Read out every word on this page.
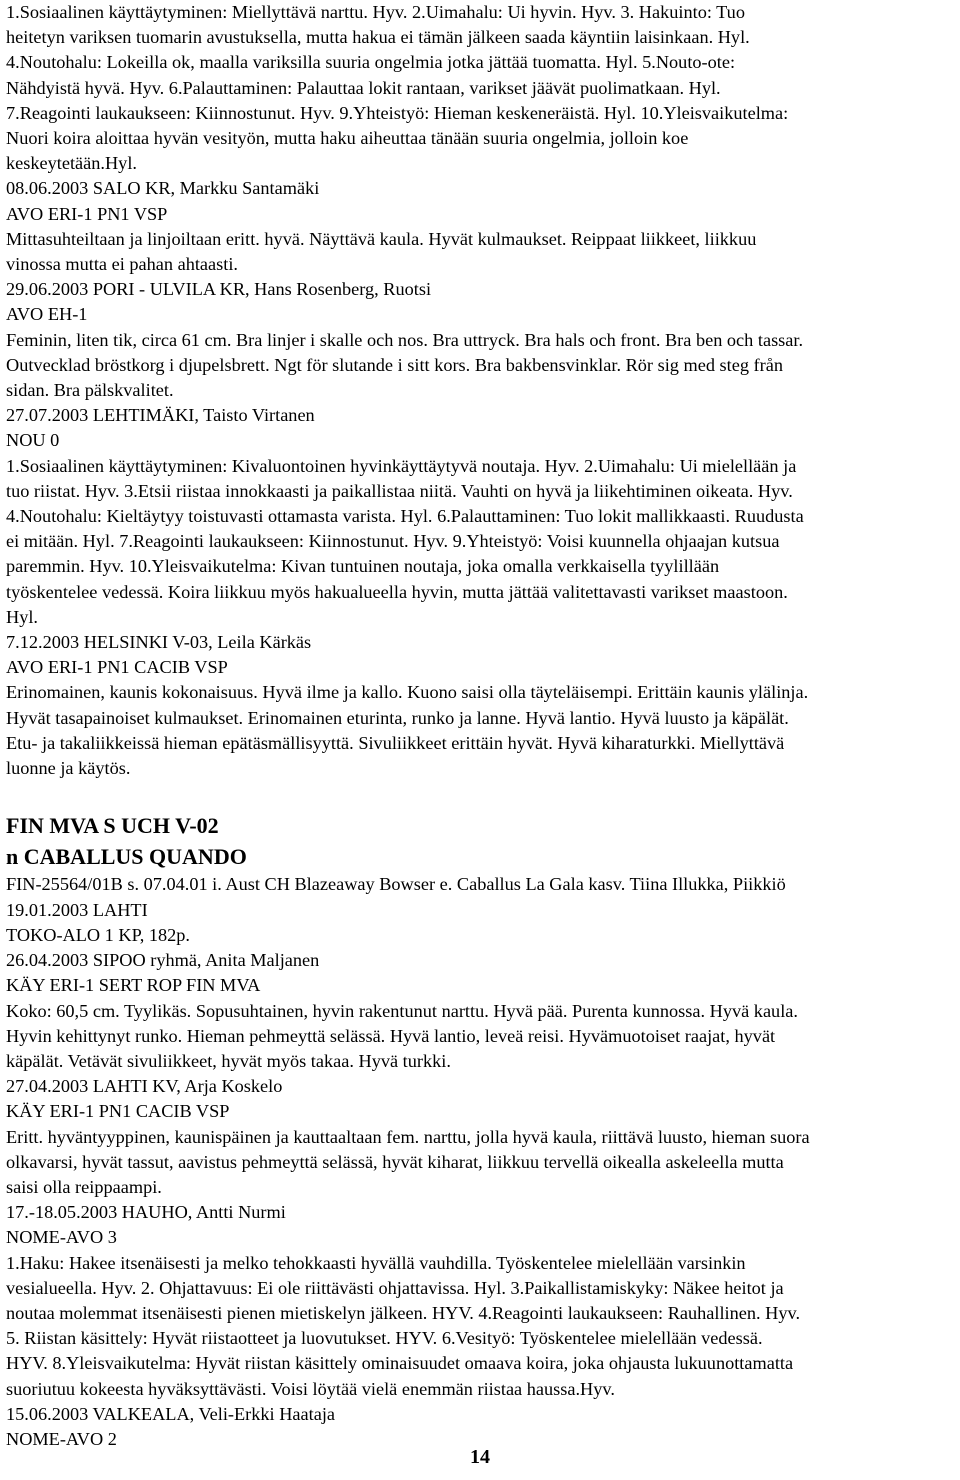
1.Sosiaalinen käyttäytyminen: Miellyttävä narttu. Hyv. 2.Uimahalu: Ui hyvin. Hyv. 3. Hakuinto: Tuo
heitetyn variksen tuomarin avustuksella, mutta hakua ei tämän jälkeen saada käyntiin laisinkaan. Hyl.
4.Noutohalu: Lokeilla ok, maalla variksilla suuria ongelmia jotka jättää tuomatta. Hyl. 5.Nouto-ote:
Nähdyistä hyvä. Hyv. 6.Palauttaminen: Palauttaa lokit rantaan, varikset jäävät puolimatkaan. Hyl.
7.Reagointi laukaukseen: Kiinnostunut. Hyv. 9.Yhteistyö: Hieman keskeneräistä. Hyl. 10.Yleisvaikutelma:
Nuori koira aloittaa hyvän vesityön, mutta haku aiheuttaa tänään suuria ongelmia, jolloin koe
keskeytetään.Hyl.
08.06.2003 SALO KR, Markku Santamäki
AVO ERI-1 PN1 VSP
Mittasuhteiltaan ja linjoiltaan eritt. hyvä. Näyttävä kaula. Hyvät kulmaukset. Reippaat liikkeet, liikkuu
vinossa mutta ei pahan ahtaasti.
29.06.2003 PORI - ULVILA KR, Hans Rosenberg, Ruotsi
AVO EH-1
Feminin, liten tik, circa 61 cm. Bra linjer i skalle och nos. Bra uttryck. Bra hals och front. Bra ben och tassar.
Outvecklad bröstkorg i djupelsbrett. Ngt för slutande i sitt kors. Bra bakbensvinklar. Rör sig med steg från
sidan. Bra pälskvalitet.
27.07.2003 LEHTIMÄKI, Taisto Virtanen
NOU 0
1.Sosiaalinen käyttäytyminen: Kivaluontoinen hyvinkäyttäytyvä noutaja. Hyv. 2.Uimahalu: Ui mielellään ja
tuo riistat. Hyv. 3.Etsii riistaa innokkaasti ja paikallistaa niitä. Vauhti on hyvä ja liikehtiminen oikeata. Hyv.
4.Noutohalu: Kieltäytyy toistuvasti ottamasta varista. Hyl. 6.Palauttaminen: Tuo lokit mallikkaasti. Ruudusta
ei mitään. Hyl. 7.Reagointi laukaukseen: Kiinnostunut. Hyv. 9.Yhteistyö: Voisi kuunnella ohjaajan kutsua
paremmin. Hyv. 10.Yleisvaikutelma: Kivan tuntuinen noutaja, joka omalla verkkaisella tyylillään
työskentelee vedessä. Koira liikkuu myös hakualueella hyvin, mutta jättää valitettavasti varikset maastoon.
Hyl.
7.12.2003 HELSINKI V-03, Leila Kärkäs
AVO ERI-1 PN1 CACIB VSP
Erinomainen, kaunis kokonaisuus. Hyvä ilme ja kallo. Kuono saisi olla täyteläisempi. Erittäin kaunis ylälinja.
Hyvät tasapainoiset kulmaukset. Erinomainen eturinta, runko ja lanne. Hyvä lantio. Hyvä luusto ja käpälät.
Etu- ja takaliikkeissä hieman epätäsmällisyyttä. Sivuliikkeet erittäin hyvät. Hyvä kiharaturkki. Miellyttävä
luonne ja käytös.
FIN MVA S UCH V-02
n CABALLUS QUANDO
FIN-25564/01B s. 07.04.01 i. Aust CH Blazeaway Bowser e. Caballus La Gala kasv. Tiina Illukka, Piikkiö
19.01.2003 LAHTI
TOKO-ALO 1 KP, 182p.
26.04.2003 SIPOO ryhmä, Anita Maljanen
KÄY ERI-1 SERT ROP FIN MVA
Koko: 60,5 cm. Tyylikäs. Sopusuhtainen, hyvin rakentunut narttu. Hyvä pää. Purenta kunnossa. Hyvä kaula.
Hyvin kehittynyt runko. Hieman pehmeyttä selässä. Hyvä lantio, leveä reisi. Hyvämuotoiset raajat, hyvät
käpälät. Vetävät sivuliikkeet, hyvät myös takaa. Hyvä turkki.
27.04.2003 LAHTI KV, Arja Koskelo
KÄY ERI-1 PN1 CACIB VSP
Eritt. hyväntyyppinen, kaunispäinen ja kauttaaltaan fem. narttu, jolla hyvä kaula, riittävä luusto, hieman suora
olkavarsi, hyvät tassut, aavistus pehmeyttä selässä, hyvät kiharat, liikkuu tervellä oikealla askeleella mutta
saisi olla reippaampi.
17.-18.05.2003 HAUHO, Antti Nurmi
NOME-AVO 3
1.Haku: Hakee itsenäisesti ja melko tehokkaasti hyvällä vauhdilla. Työskentelee mielellään varsinkin
vesialueella. Hyv. 2. Ohjattavuus: Ei ole riittävästi ohjattavissa. Hyl. 3.Paikallistamiskyky: Näkee heitot ja
noutaa molemmat itsenäisesti pienen mietiskelyn jälkeen. HYV. 4.Reagointi laukaukseen: Rauhallinen. Hyv.
5. Riistan käsittely: Hyvät riistaotteet ja luovutukset. HYV. 6.Vesityö: Työskentelee mielellään vedessä.
HYV. 8.Yleisvaikutelma: Hyvät riistan käsittely ominaisuudet omaava koira, joka ohjausta lukuunottamatta
suoriutuu kokeesta hyväksyttävästi. Voisi löytää vielä enemmän riistaa haussa.Hyv.
15.06.2003 VALKEALA, Veli-Erkki Haataja
NOME-AVO 2
14
